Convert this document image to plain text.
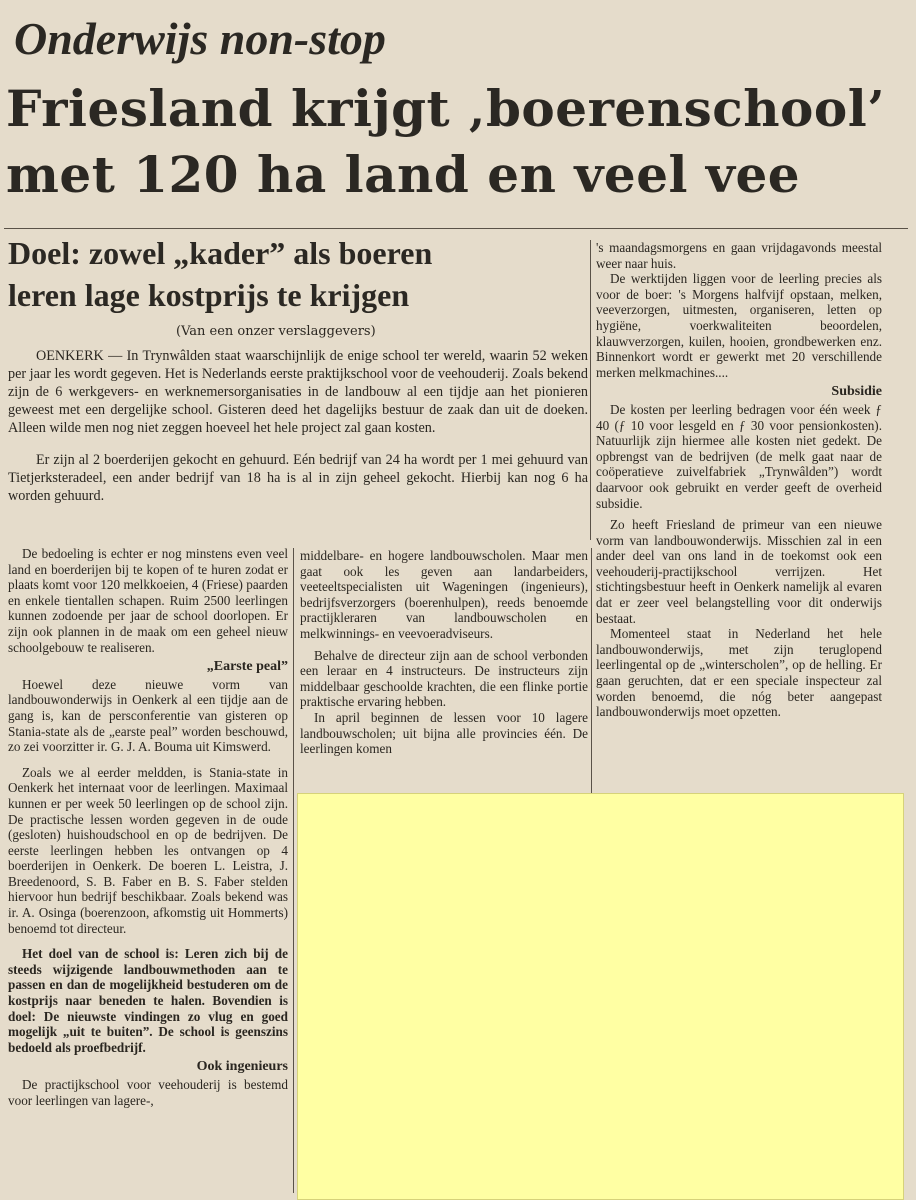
Onderwijs non-stop
Friesland krijgt ‚boerenschool’
met 120 ha land en veel vee
Doel: zowel „kader” als boeren
leren lage kostprijs te krijgen
(Van een onzer verslaggevers)

OENKERK — In Trynwâlden staat waarschijnlijk de enige school ter wereld, waarin 52 weken per jaar les wordt gegeven. Het is Nederlands eerste praktijkschool voor de veehouderij. Zoals bekend zijn de 6 werkgevers- en werknemersorganisaties in de landbouw al een tijdje aan het pionieren geweest met een dergelijke school. Gisteren deed het dagelijks bestuur de zaak dan uit de doeken. Alleen wilde men nog niet zeggen hoeveel het hele project zal gaan kosten.

Er zijn al 2 boerderijen gekocht en gehuurd. Eén bedrijf van 24 ha wordt per 1 mei gehuurd van Tietjerksteradeel, een ander bedrijf van 18 ha is al in zijn geheel gekocht. Hierbij kan nog 6 ha worden gehuurd.

De bedoeling is echter er nog minstens even veel land en boerderijen bij te kopen of te huren zodat er plaats komt voor 120 melkkoeien, 4 (Friese) paarden en enkele tientallen schapen. Ruim 2500 leerlingen kunnen zodoende per jaar de school doorlopen. Er zijn ook plannen in de maak om een geheel nieuw schoolgebouw te realiseren.

„Earste peal”

Hoewel deze nieuwe vorm van landbouwonderwijs in Oenkerk al een tijdje aan de gang is, kan de persconferentie van gisteren op Stania-state als de „earste peal” worden beschouwd, zo zei voorzitter ir. G. J. A. Bouma uit Kimswerd.

Zoals we al eerder meldden, is Stania-state in Oenkerk het internaat voor de leerlingen. Maximaal kunnen er per week 50 leerlingen op de school zijn. De practische lessen worden gegeven in de oude (gesloten) huishoudschool en op de bedrijven. De eerste leerlingen hebben les ontvangen op 4 boerderijen in Oenkerk. De boeren L. Leistra, J. Breedenoord, S. B. Faber en B. S. Faber stelden hiervoor hun bedrijf beschikbaar. Zoals bekend was ir. A. Osinga (boerenzoon, afkomstig uit Hommerts) benoemd tot directeur.

Het doel van de school is: Leren zich bij de steeds wijzigende landbouwmethoden aan te passen en dan de mogelijkheid bestuderen om de kostprijs naar beneden te halen. Bovendien is doel: De nieuwste vindingen zo vlug en goed mogelijk „uit te buiten”. De school is geenszins bedoeld als proefbedrijf.

Ook ingenieurs

De practijkschool voor veehouderij is bestemd voor leerlingen van lagere-,

middelbare- en hogere landbouwscholen. Maar men gaat ook les geven aan landarbeiders, veeteeltspecialisten uit Wageningen (ingenieurs), bedrijfsverzorgers (boerenhulpen), reeds benoemde practijkleraren van landbouwscholen en melkwinnings- en veevoeradviseurs.

Behalve de directeur zijn aan de school verbonden een leraar en 4 instructeurs. De instructeurs zijn middelbaar geschoolde krachten, die een flinke portie praktische ervaring hebben.

In april beginnen de lessen voor 10 lagere landbouwscholen; uit bijna alle provincies één. De leerlingen komen

's maandagsmorgens en gaan vrijdagavonds meestal weer naar huis.

De werktijden liggen voor de leerling precies als voor de boer: 's Morgens halfvijf opstaan, melken, veeverzorgen, uitmesten, organiseren, letten op hygiëne, voerkwaliteiten beoordelen, klauwverzorgen, kuilen, hooien, grondbewerken enz. Binnenkort wordt er gewerkt met 20 verschillende merken melkmachines....

Subsidie

De kosten per leerling bedragen voor één week ƒ 40 (ƒ 10 voor lesgeld en ƒ 30 voor pensionkosten). Natuurlijk zijn hiermee alle kosten niet gedekt. De opbrengst van de bedrijven (de melk gaat naar de coöperatieve zuivelfabriek „Trynwâlden”) wordt daarvoor ook gebruikt en verder geeft de overheid subsidie.

Zo heeft Friesland de primeur van een nieuwe vorm van landbouwonderwijs. Misschien zal in een ander deel van ons land in de toekomst ook een veehouderij-practijkschool verrijzen. Het stichtingsbestuur heeft in Oenkerk namelijk al evaren dat er zeer veel belangstelling voor dit onderwijs bestaat.

Momenteel staat in Nederland het hele landbouwonderwijs, met zijn teruglopend leerlingental op de „winterscholen”, op de helling. Er gaan geruchten, dat er een speciale inspecteur zal worden benoemd, die nóg beter aangepast landbouwonderwijs moet opzetten.
